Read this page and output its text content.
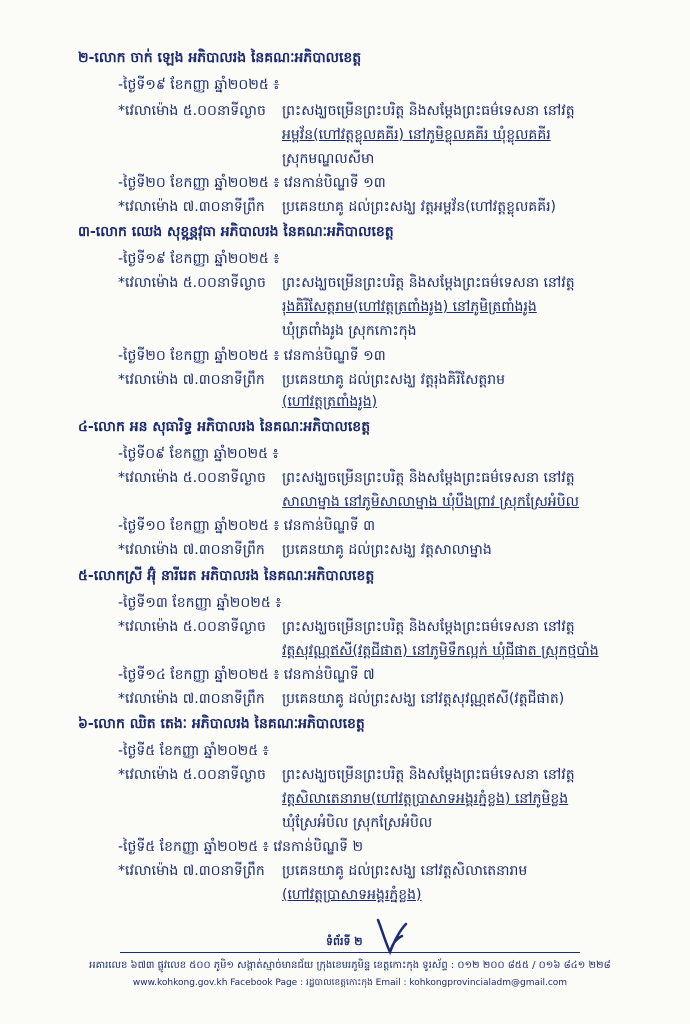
២-លោក ចាក់ ឡេង អភិបាលរង នៃគណៈអភិបាលខេត្ត
-ថ្ងៃទី១៩ ខែកញ្ញា ឆ្នាំ២០២៥ ៖
*វេលាម៉ោង ៥.០០នាទីល្ងាច ព្រះសង្ឃចម្រើនព្រះបរិត្ត និងសម្ដែងព្រះធម៌ទេសនា នៅវត្ត
អម្ពវ័ន(ហៅវត្តខ្លុលគគីរ) នៅភូមិខ្លុលគគីរ ឃុំខ្លុលគគីរ
ស្រុកមណ្ឌលសីមា
-ថ្ងៃទី២០ ខែកញ្ញា ឆ្នាំ២០២៥ ៖ វេនកាន់បិណ្ឌទី ១៣
*វេលាម៉ោង ៧.៣០នាទីព្រឹក ប្រគេនយាគូ ដល់ព្រះសង្ឃ វត្តអម្ពវ័ន(ហៅវត្តខ្លុលគគីរ)
៣-លោក ឈេង សុខុន្ណវុធា អភិបាលរង នៃគណៈអភិបាលខេត្ត
-ថ្ងៃទី១៩ ខែកញ្ញា ឆ្នាំ២០២៥ ៖
*វេលាម៉ោង ៥.០០នាទីល្ងាច ព្រះសង្ឃចម្រើនព្រះបរិត្ត និងសម្ដែងព្រះធម៌ទេសនា នៅវត្ត
រុងគិរីសែត្តរាម(ហៅវត្តត្រពាំងរូង) នៅភូមិត្រពាំងរូង
ឃុំត្រពាំងរូង ស្រុកកោះកុង
-ថ្ងៃទី២០ ខែកញ្ញា ឆ្នាំ២០២៥ ៖ វេនកាន់បិណ្ឌទី ១៣
*វេលាម៉ោង ៧.៣០នាទីព្រឹក ប្រគេនយាគូ ដល់ព្រះសង្ឃ វត្តរុងគិរីសែត្តរាម
(ហៅវត្តត្រពាំងរូង)
៤-លោក អន សុធារិទ្ធ អភិបាលរង នៃគណៈអភិបាលខេត្ត
-ថ្ងៃទី០៩ ខែកញ្ញា ឆ្នាំ២០២៥ ៖
*វេលាម៉ោង ៥.០០នាទីល្ងាច ព្រះសង្ឃចម្រើនព្រះបរិត្ត និងសម្ដែងព្រះធម៌ទេសនា នៅវត្ត
សាលាម្នាង នៅភូមិសាលាម្នាង ឃុំបឹងព្រាវ ស្រុកស្រែអំបិល
-ថ្ងៃទី១០ ខែកញ្ញា ឆ្នាំ២០២៥ ៖ វេនកាន់បិណ្ឌទី ៣
*វេលាម៉ោង ៧.៣០នាទីព្រឹក ប្រគេនយាគូ ដល់ព្រះសង្ឃ វត្តសាលាម្នាង
៥-លោកស្រី អ៊ុំ នារីរេត អភិបាលរង នៃគណៈអភិបាលខេត្ត
-ថ្ងៃទី១៣ ខែកញ្ញា ឆ្នាំ២០២៥ ៖
*វេលាម៉ោង ៥.០០នាទីល្ងាច ព្រះសង្ឃចម្រើនព្រះបរិត្ត និងសម្ដែងព្រះធម៌ទេសនា នៅវត្ត
វត្តសុវណ្ណឥសី(វត្តជីផាត) នៅភូមិទឹកល្អក់ ឃុំជីផាត ស្រុកថ្មបាំង
-ថ្ងៃទី១៤ ខែកញ្ញា ឆ្នាំ២០២៥ ៖ វេនកាន់បិណ្ឌទី ៧
*វេលាម៉ោង ៧.៣០នាទីព្រឹក ប្រគេនយាគូ ដល់ព្រះសង្ឃ នៅវត្តសុវណ្ណឥសី(វត្តជីផាត)
៦-លោក ឈិត តេងៈ អភិបាលរង នៃគណៈអភិបាលខេត្ត
-ថ្ងៃទី៥ ខែកញ្ញា ឆ្នាំ២០២៥ ៖
*វេលាម៉ោង ៥.០០នាទីល្ងាច ព្រះសង្ឃចម្រើនព្រះបរិត្ត និងសម្ដែងព្រះធម៌ទេសនា នៅវត្ត
វត្តសិលាតេនារាម(ហៅវត្តប្រាសាទអង្គរភ្នំខ្លង) នៅភូមិខ្លង
ឃុំស្រែអំបិល ស្រុកស្រែអំបិល
-ថ្ងៃទី៥ ខែកញ្ញា ឆ្នាំ២០២៥ ៖ វេនកាន់បិណ្ឌទី ២
*វេលាម៉ោង ៧.៣០នាទីព្រឹក ប្រគេនយាគូ ដល់ព្រះសង្ឃ នៅវត្តសិលាតេនារាម
(ហៅវត្តប្រាសាទអង្គរភ្នំខ្លង)
ទំព័រទី ២
អគារលេខ ៦៧៣ ផ្លូវលេខ ៥០០ ភូមិ១ សង្កាត់ស្មាច់មានជ័យ ក្រុងខេមរភូមិន្ទ ខេត្តកោះកុង ទូរស័ព្ទ : ០១២ ២០០ ៨៥៥ / ០១៦ ៨៤១ ២២៨
www.kohkong.gov.kh Facebook Page : រដ្ឋបាលខេត្តកោះកុង Email : kohkongprovincialadm@gmail.com
